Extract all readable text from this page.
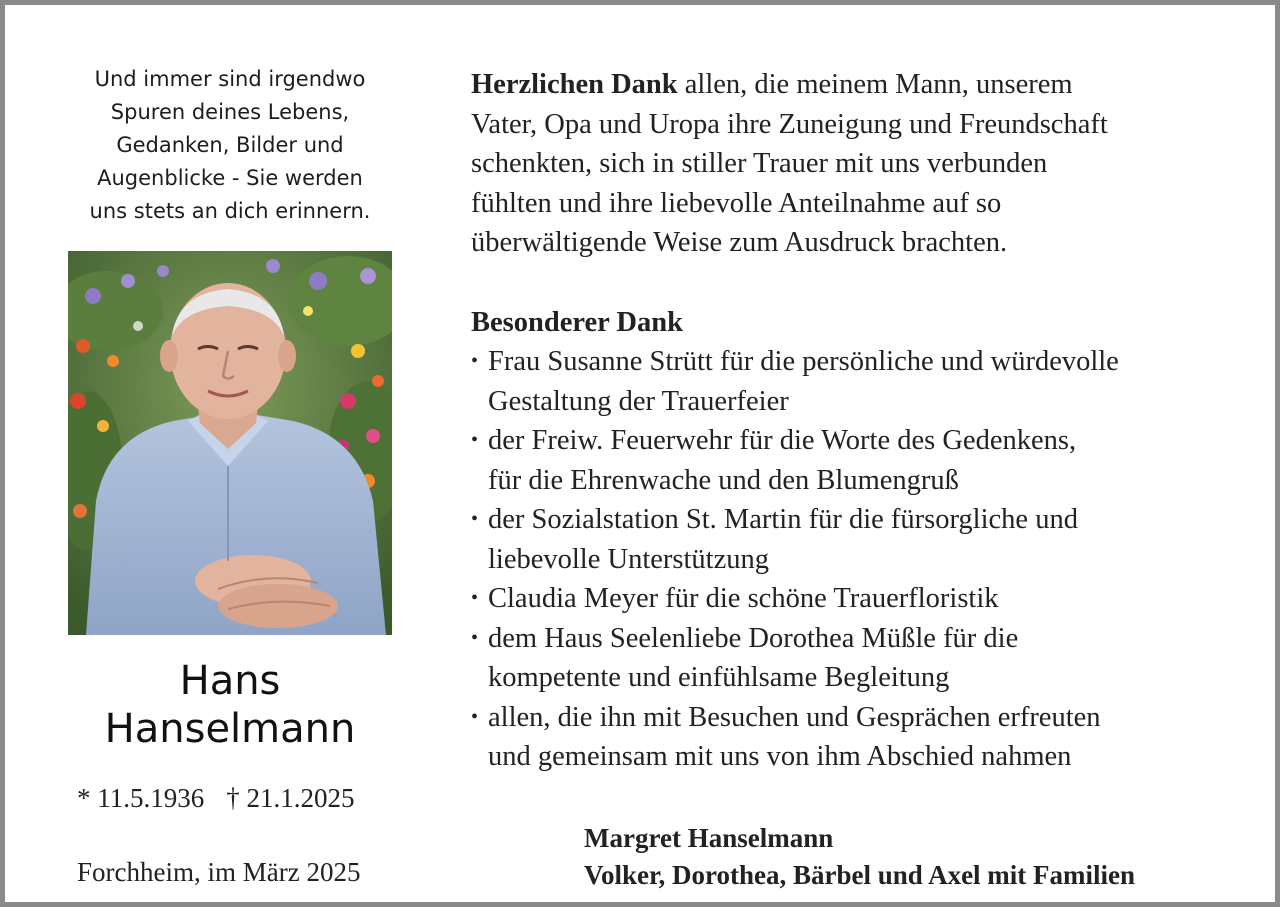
Und immer sind irgendwo
Spuren deines Lebens,
Gedanken, Bilder und
Augenblicke - Sie werden
uns stets an dich erinnern.
Hans
Hanselmann
* 11.5.1936 † 21.1.2025
Forchheim, im März 2025
Herzlichen Dank allen, die meinem Mann, unserem
Vater, Opa und Uropa ihre Zuneigung und Freundschaft
schenkten, sich in stiller Trauer mit uns verbunden
fühlten und ihre liebevolle Anteilnahme auf so
überwältigende Weise zum Ausdruck brachten.
Besonderer Dank
• Frau Susanne Strütt für die persönliche und würdevolle
Gestaltung der Trauerfeier
• der Freiw. Feuerwehr für die Worte des Gedenkens,
für die Ehrenwache und den Blumengruß
• der Sozialstation St. Martin für die fürsorgliche und
liebevolle Unterstützung
• Claudia Meyer für die schöne Trauerfloristik
• dem Haus Seelenliebe Dorothea Müßle für die
kompetente und einfühlsame Begleitung
• allen, die ihn mit Besuchen und Gesprächen erfreuten
und gemeinsam mit uns von ihm Abschied nahmen
Margret Hanselmann
Volker, Dorothea, Bärbel und Axel mit Familien
